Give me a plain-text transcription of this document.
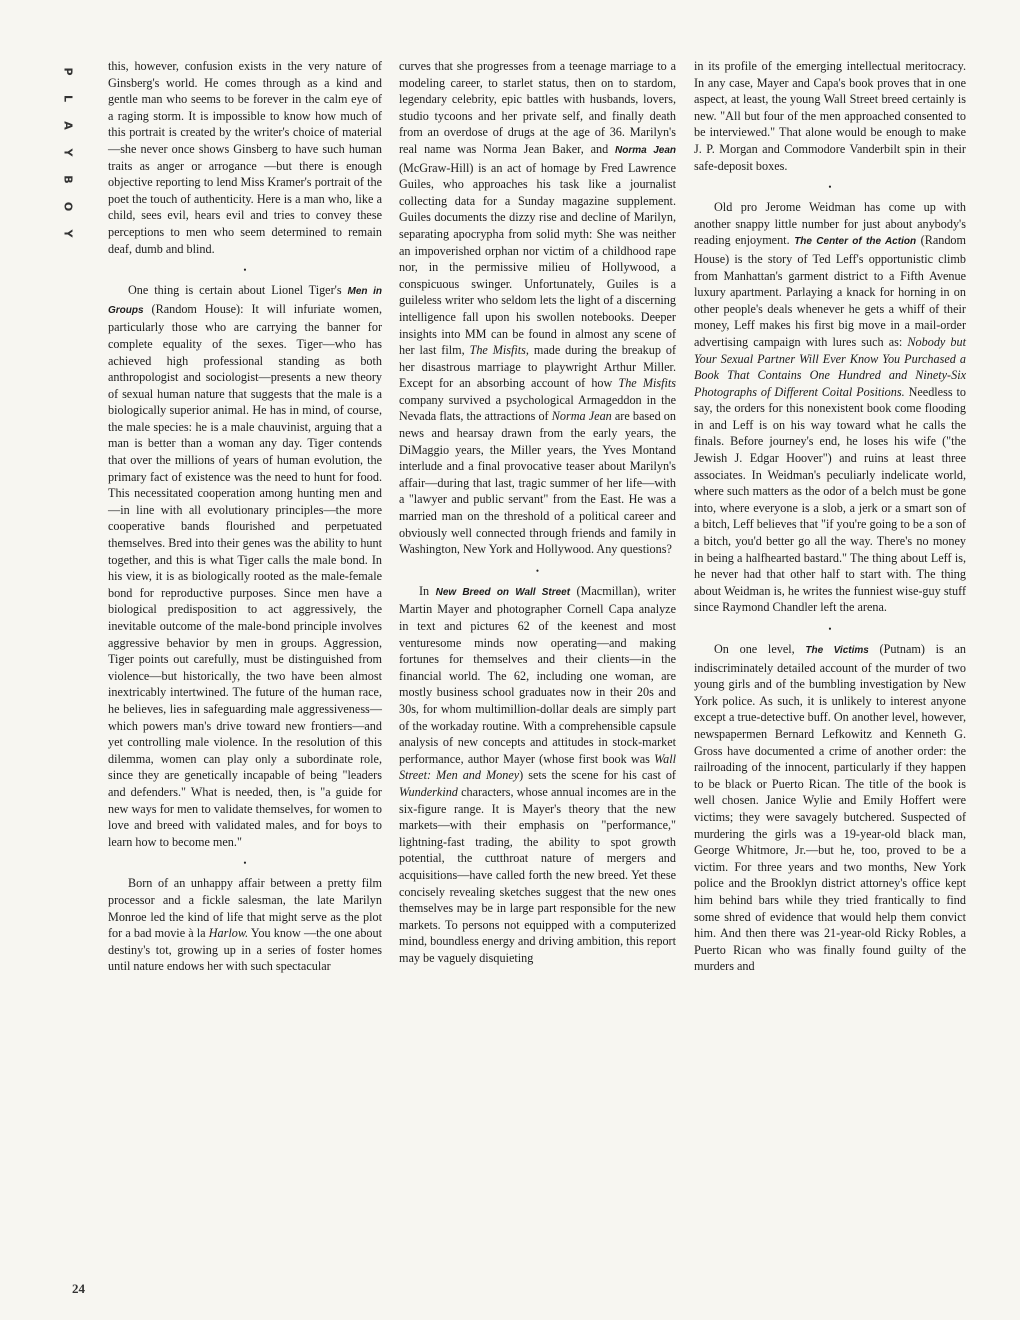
P
L
A
Y
B
O
Y

this, however, confusion exists in the very nature of Ginsberg's world. He comes through as a kind and gentle man who seems to be forever in the calm eye of a raging storm. It is impossible to know how much of this portrait is created by the writer's choice of material—she never once shows Ginsberg to have such human traits as anger or arrogance —but there is enough objective reporting to lend Miss Kramer's portrait of the poet the touch of authenticity. Here is a man who, like a child, sees evil, hears evil and tries to convey these perceptions to men who seem determined to remain deaf, dumb and blind.

•

One thing is certain about Lionel Tiger's Men in Groups (Random House): It will infuriate women, particularly those who are carrying the banner for complete equality of the sexes. Tiger—who has achieved high professional standing as both anthropologist and sociologist—presents a new theory of sexual human nature that suggests that the male is a biologically superior animal. He has in mind, of course, the male species: he is a male chauvinist, arguing that a man is better than a woman any day. Tiger contends that over the millions of years of human evolution, the primary fact of existence was the need to hunt for food. This necessitated cooperation among hunting men and—in line with all evolutionary principles—the more cooperative bands flourished and perpetuated themselves. Bred into their genes was the ability to hunt together, and this is what Tiger calls the male bond. In his view, it is as biologically rooted as the male-female bond for reproductive purposes. Since men have a biological predisposition to act aggressively, the inevitable outcome of the male-bond principle involves aggressive behavior by men in groups. Aggression, Tiger points out carefully, must be distinguished from violence—but historically, the two have been almost inextricably intertwined. The future of the human race, he believes, lies in safeguarding male aggressiveness—which powers man's drive toward new frontiers—and yet controlling male violence. In the resolution of this dilemma, women can play only a subordinate role, since they are genetically incapable of being "leaders and defenders." What is needed, then, is "a guide for new ways for men to validate themselves, for women to love and breed with validated males, and for boys to learn how to become men."

•

Born of an unhappy affair between a pretty film processor and a fickle salesman, the late Marilyn Monroe led the kind of life that might serve as the plot for a bad movie à la Harlow. You know —the one about destiny's tot, growing up in a series of foster homes until nature endows her with such spectacular

curves that she progresses from a teenage marriage to a modeling career, to starlet status, then on to stardom, legendary celebrity, epic battles with husbands, lovers, studio tycoons and her private self, and finally death from an overdose of drugs at the age of 36. Marilyn's real name was Norma Jean Baker, and Norma Jean (McGraw-Hill) is an act of homage by Fred Lawrence Guiles, who approaches his task like a journalist collecting data for a Sunday magazine supplement. Guiles documents the dizzy rise and decline of Marilyn, separating apocrypha from solid myth: She was neither an impoverished orphan nor victim of a childhood rape nor, in the permissive milieu of Hollywood, a conspicuous swinger. Unfortunately, Guiles is a guileless writer who seldom lets the light of a discerning intelligence fall upon his swollen notebooks. Deeper insights into MM can be found in almost any scene of her last film, The Misfits, made during the breakup of her disastrous marriage to playwright Arthur Miller. Except for an absorbing account of how The Misfits company survived a psychological Armageddon in the Nevada flats, the attractions of Norma Jean are based on news and hearsay drawn from the early years, the DiMaggio years, the Miller years, the Yves Montand interlude and a final provocative teaser about Marilyn's affair—during that last, tragic summer of her life—with a "lawyer and public servant" from the East. He was a married man on the threshold of a political career and obviously well connected through friends and family in Washington, New York and Hollywood. Any questions?

•

In New Breed on Wall Street (Macmillan), writer Martin Mayer and photographer Cornell Capa analyze in text and pictures 62 of the keenest and most venturesome minds now operating—and making fortunes for themselves and their clients—in the financial world. The 62, including one woman, are mostly business school graduates now in their 20s and 30s, for whom multimillion-dollar deals are simply part of the workaday routine. With a comprehensible capsule analysis of new concepts and attitudes in stock-market performance, author Mayer (whose first book was Wall Street: Men and Money) sets the scene for his cast of Wunderkind characters, whose annual incomes are in the six-figure range. It is Mayer's theory that the new markets—with their emphasis on "performance," lightning-fast trading, the ability to spot growth potential, the cutthroat nature of mergers and acquisitions—have called forth the new breed. Yet these concisely revealing sketches suggest that the new ones themselves may be in large part responsible for the new markets. To persons not equipped with a computerized mind, boundless energy and driving ambition, this report may be vaguely disquieting

in its profile of the emerging intellectual meritocracy. In any case, Mayer and Capa's book proves that in one aspect, at least, the young Wall Street breed certainly is new. "All but four of the men approached consented to be interviewed." That alone would be enough to make J. P. Morgan and Commodore Vanderbilt spin in their safe-deposit boxes.

•

Old pro Jerome Weidman has come up with another snappy little number for just about anybody's reading enjoyment. The Center of the Action (Random House) is the story of Ted Leff's opportunistic climb from Manhattan's garment district to a Fifth Avenue luxury apartment. Parlaying a knack for horning in on other people's deals whenever he gets a whiff of their money, Leff makes his first big move in a mail-order advertising campaign with lures such as: Nobody but Your Sexual Partner Will Ever Know You Purchased a Book That Contains One Hundred and Ninety-Six Photographs of Different Coital Positions. Needless to say, the orders for this nonexistent book come flooding in and Leff is on his way toward what he calls the finals. Before journey's end, he loses his wife ("the Jewish J. Edgar Hoover") and ruins at least three associates. In Weidman's peculiarly indelicate world, where such matters as the odor of a belch must be gone into, where everyone is a slob, a jerk or a smart son of a bitch, Leff believes that "if you're going to be a son of a bitch, you'd better go all the way. There's no money in being a halfhearted bastard." The thing about Leff is, he never had that other half to start with. The thing about Weidman is, he writes the funniest wise-guy stuff since Raymond Chandler left the arena.

•

On one level, The Victims (Putnam) is an indiscriminately detailed account of the murder of two young girls and of the bumbling investigation by New York police. As such, it is unlikely to interest anyone except a true-detective buff. On another level, however, newspapermen Bernard Lefkowitz and Kenneth G. Gross have documented a crime of another order: the railroading of the innocent, particularly if they happen to be black or Puerto Rican. The title of the book is well chosen. Janice Wylie and Emily Hoffert were victims; they were savagely butchered. Suspected of murdering the girls was a 19-year-old black man, George Whitmore, Jr.—but he, too, proved to be a victim. For three years and two months, New York police and the Brooklyn district attorney's office kept him behind bars while they tried frantically to find some shred of evidence that would help them convict him. And then there was 21-year-old Ricky Robles, a Puerto Rican who was finally found guilty of the murders and

24
